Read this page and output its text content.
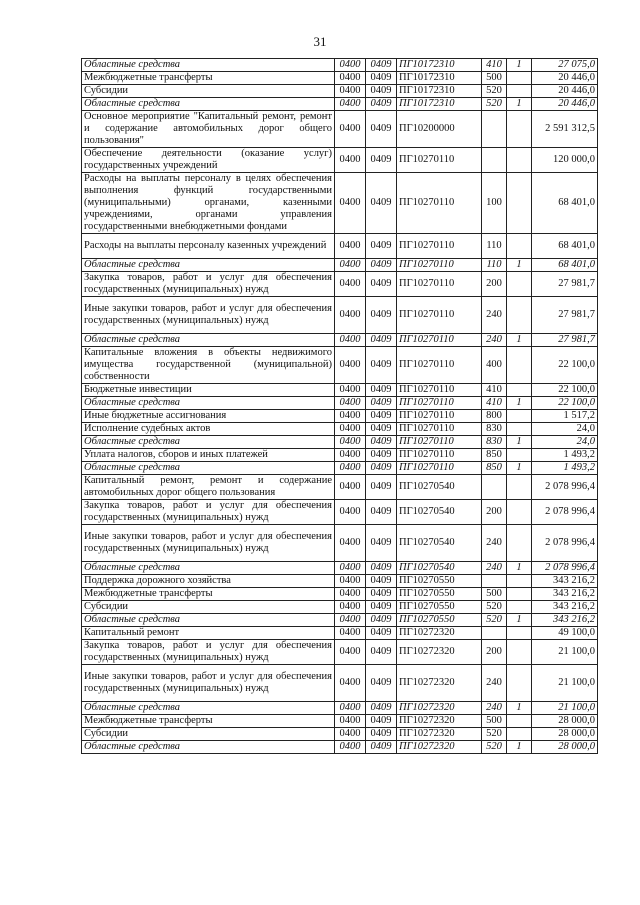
31
Областные средства	0400	0409	ПГ10172310	410	1	27 075,0
Межбюджетные трансферты	0400	0409	ПГ10172310	500		20 446,0
Субсидии	0400	0409	ПГ10172310	520		20 446,0
Областные средства	0400	0409	ПГ10172310	520	1	20 446,0
Основное мероприятие "Капитальный ремонт, ремонт и содержание автомобильных дорог общего пользования"	0400	0409	ПГ10200000			2 591 312,5
Обеспечение деятельности (оказание услуг) государственных учреждений	0400	0409	ПГ10270110			120 000,0
Расходы на выплаты персоналу в целях обеспечения выполнения функций государственными (муниципальными) органами, казенными учреждениями, органами управления государственными внебюджетными фондами	0400	0409	ПГ10270110	100		68 401,0
Расходы на выплаты персоналу казенных учреждений	0400	0409	ПГ10270110	110		68 401,0
Областные средства	0400	0409	ПГ10270110	110	1	68 401,0
Закупка товаров, работ и услуг для обеспечения государственных (муниципальных) нужд	0400	0409	ПГ10270110	200		27 981,7
Иные закупки товаров, работ и услуг для обеспечения государственных (муниципальных) нужд	0400	0409	ПГ10270110	240		27 981,7
Областные средства	0400	0409	ПГ10270110	240	1	27 981,7
Капитальные вложения в объекты недвижимого имущества государственной (муниципальной) собственности	0400	0409	ПГ10270110	400		22 100,0
Бюджетные инвестиции	0400	0409	ПГ10270110	410		22 100,0
Областные средства	0400	0409	ПГ10270110	410	1	22 100,0
Иные бюджетные ассигнования	0400	0409	ПГ10270110	800		1 517,2
Исполнение судебных актов	0400	0409	ПГ10270110	830		24,0
Областные средства	0400	0409	ПГ10270110	830	1	24,0
Уплата налогов, сборов и иных платежей	0400	0409	ПГ10270110	850		1 493,2
Областные средства	0400	0409	ПГ10270110	850	1	1 493,2
Капитальный ремонт, ремонт и содержание автомобильных дорог общего пользования	0400	0409	ПГ10270540			2 078 996,4
Закупка товаров, работ и услуг для обеспечения государственных (муниципальных) нужд	0400	0409	ПГ10270540	200		2 078 996,4
Иные закупки товаров, работ и услуг для обеспечения государственных (муниципальных) нужд	0400	0409	ПГ10270540	240		2 078 996,4
Областные средства	0400	0409	ПГ10270540	240	1	2 078 996,4
Поддержка дорожного хозяйства	0400	0409	ПГ10270550			343 216,2
Межбюджетные трансферты	0400	0409	ПГ10270550	500		343 216,2
Субсидии	0400	0409	ПГ10270550	520		343 216,2
Областные средства	0400	0409	ПГ10270550	520	1	343 216,2
Капитальный ремонт	0400	0409	ПГ10272320			49 100,0
Закупка товаров, работ и услуг для обеспечения государственных (муниципальных) нужд	0400	0409	ПГ10272320	200		21 100,0
Иные закупки товаров, работ и услуг для обеспечения государственных (муниципальных) нужд	0400	0409	ПГ10272320	240		21 100,0
Областные средства	0400	0409	ПГ10272320	240	1	21 100,0
Межбюджетные трансферты	0400	0409	ПГ10272320	500		28 000,0
Субсидии	0400	0409	ПГ10272320	520		28 000,0
Областные средства	0400	0409	ПГ10272320	520	1	28 000,0
